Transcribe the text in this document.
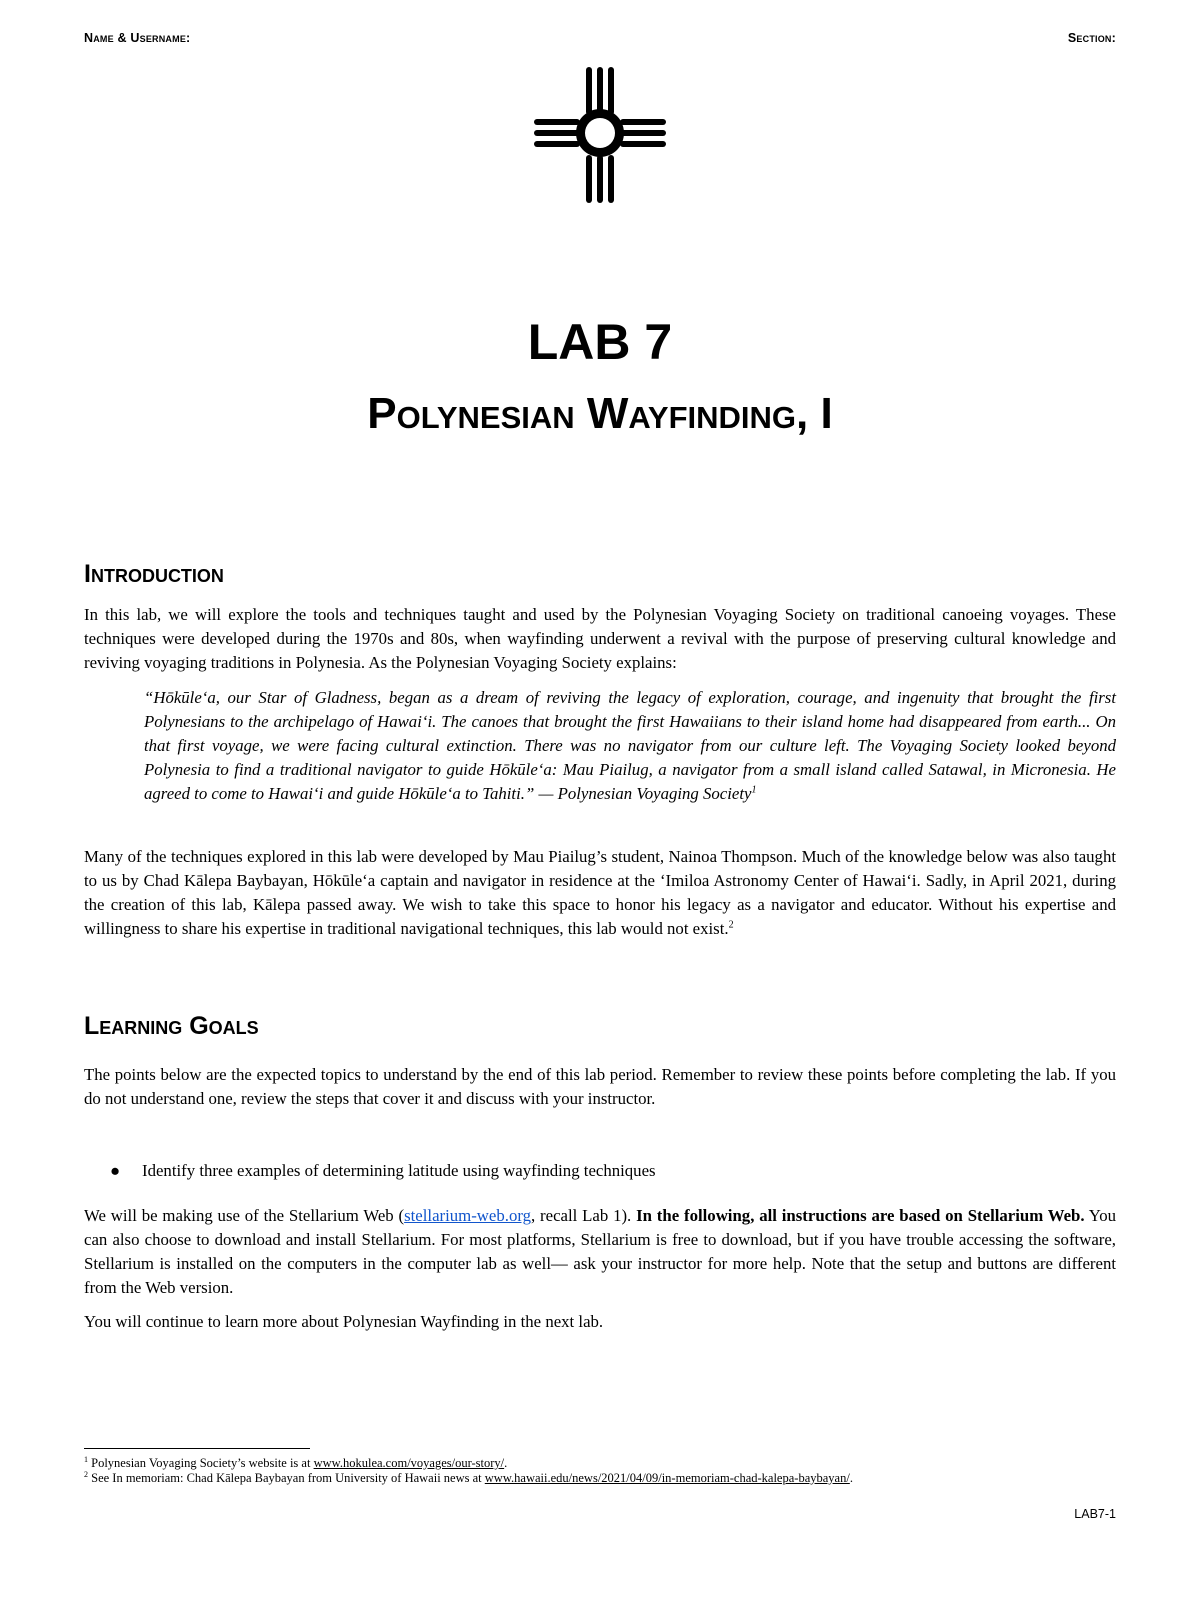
Name & Username:	Section:
LAB 7
Polynesian Wayfinding, I
Introduction

In this lab, we will explore the tools and techniques taught and used by the Polynesian Voyaging Society on traditional canoeing voyages. These techniques were developed during the 1970s and 80s, when wayfinding underwent a revival with the purpose of preserving cultural knowledge and reviving voyaging traditions in Polynesia. As the Polynesian Voyaging Society explains:

“Hōkūleʻa, our Star of Gladness, began as a dream of reviving the legacy of exploration, courage, and ingenuity that brought the first Polynesians to the archipelago of Hawaiʻi. The canoes that brought the first Hawaiians to their island home had disappeared from earth... On that first voyage, we were facing cultural extinction. There was no navigator from our culture left. The Voyaging Society looked beyond Polynesia to find a traditional navigator to guide Hōkūleʻa: Mau Piailug, a navigator from a small island called Satawal, in Micronesia. He agreed to come to Hawaiʻi and guide Hōkūleʻa to Tahiti.” — Polynesian Voyaging Society$^1$

Many of the techniques explored in this lab were developed by Mau Piailug’s student, Nainoa Thompson. Much of the knowledge below was also taught to us by Chad Kālepa Baybayan, Hōkūleʻa captain and navigator in residence at the ʻImiloa Astronomy Center of Hawaiʻi. Sadly, in April 2021, during the creation of this lab, Kālepa passed away. We wish to take this space to honor his legacy as a navigator and educator. Without his expertise and willingness to share his expertise in traditional navigational techniques, this lab would not exist.$^2$

Learning Goals

The points below are the expected topics to understand by the end of this lab period. Remember to review these points before completing the lab. If you do not understand one, review the steps that cover it and discuss with your instructor.

● Identify three examples of determining latitude using wayfinding techniques

We will be making use of the Stellarium Web (stellarium-web.org, recall Lab 1). In the following, all instructions are based on Stellarium Web. You can also choose to download and install Stellarium. For most platforms, Stellarium is free to download, but if you have trouble accessing the software, Stellarium is installed on the computers in the computer lab as well— ask your instructor for more help. Note that the setup and buttons are different from the Web version.

You will continue to learn more about Polynesian Wayfinding in the next lab.

$^1$ Polynesian Voyaging Society’s website is at www.hokulea.com/voyages/our-story/.
$^2$ See In memoriam: Chad Kālepa Baybayan from University of Hawaii news at www.hawaii.edu/news/2021/04/09/in-memoriam-chad-kalepa-baybayan/.
LAB7-1
